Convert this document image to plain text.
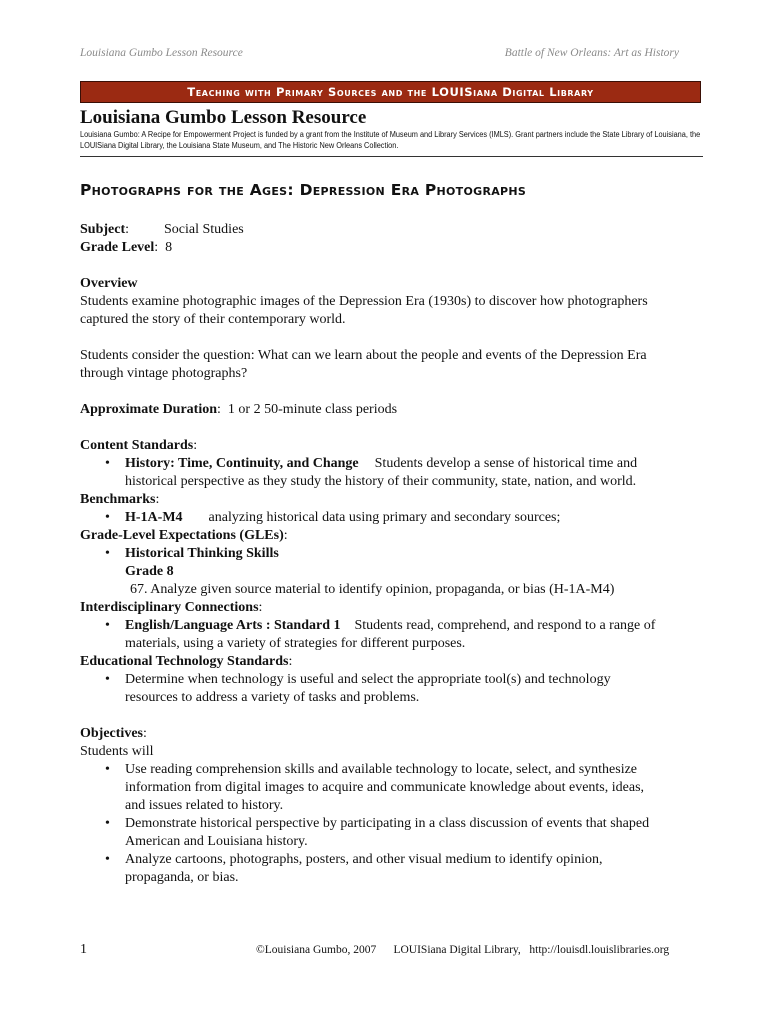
Louisiana Gumbo Lesson Resource	Battle of New Orleans: Art as History
Teaching with Primary Sources and the LOUISiana Digital Library
Louisiana Gumbo Lesson Resource
Louisiana Gumbo: A Recipe for Empowerment Project is funded by a grant from the Institute of Museum and Library Services (IMLS). Grant partners include the State Library of Louisiana, the
LOUISiana Digital Library, the Louisiana State Museum, and The Historic New Orleans Collection.
Photographs for the Ages: Depression Era Photographs
Subject:	Social Studies
Grade Level:  8
Overview
Students examine photographic images of the Depression Era (1930s) to discover how photographers
captured the story of their contemporary world.
Students consider the question: What can we learn about the people and events of the Depression Era
through vintage photographs?
Approximate Duration:  1 or 2 50-minute class periods
Content Standards:
• History: Time, Continuity, and Change Students develop a sense of historical time and
historical perspective as they study the history of their community, state, nation, and world.
Benchmarks:
• H-1A-M4 analyzing historical data using primary and secondary sources;
Grade-Level Expectations (GLEs):
• Historical Thinking Skills
Grade 8
67. Analyze given source material to identify opinion, propaganda, or bias (H-1A-M4)
Interdisciplinary Connections:
• English/Language Arts : Standard 1 Students read, comprehend, and respond to a range of
materials, using a variety of strategies for different purposes.
Educational Technology Standards:
• Determine when technology is useful and select the appropriate tool(s) and technology
resources to address a variety of tasks and problems.
Objectives:
Students will
• Use reading comprehension skills and available technology to locate, select, and synthesize
information from digital images to acquire and communicate knowledge about events, ideas,
and issues related to history.
• Demonstrate historical perspective by participating in a class discussion of events that shaped
American and Louisiana history.
• Analyze cartoons, photographs, posters, and other visual medium to identify opinion,
propaganda, or bias.
1	©Louisiana Gumbo, 2007      LOUISiana Digital Library,   http://louisdl.louislibraries.org
